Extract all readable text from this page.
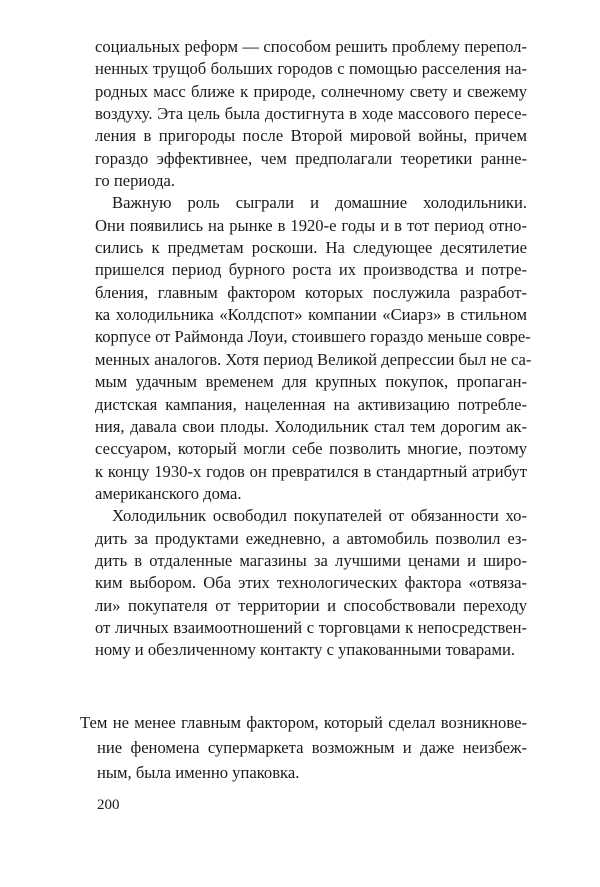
социальных реформ — способом решить проблему перепол-
ненных трущоб больших городов с помощью расселения на-
родных масс ближе к природе, солнечному свету и свежему
воздуху. Эта цель была достигнута в ходе массового пересе-
ления в пригороды после Второй мировой войны, причем
гораздо эффективнее, чем предполагали теоретики ранне-
го периода.
Важную роль сыграли и домашние холодильники.
Они появились на рынке в 1920-е годы и в тот период отно-
сились к предметам роскоши. На следующее десятилетие
пришелся период бурного роста их производства и потре-
бления, главным фактором которых послужила разработ-
ка холодильника «Колдспот» компании «Сиарз» в стильном
корпусе от Раймонда Лоуи, стоившего гораздо меньше совре-
менных аналогов. Хотя период Великой депрессии был не са-
мым удачным временем для крупных покупок, пропаган-
дистская кампания, нацеленная на активизацию потребле-
ния, давала свои плоды. Холодильник стал тем дорогим ак-
сессуаром, который могли себе позволить многие, поэтому
к концу 1930-х годов он превратился в стандартный атрибут
американского дома.
Холодильник освободил покупателей от обязанности хо-
дить за продуктами ежедневно, а автомобиль позволил ез-
дить в отдаленные магазины за лучшими ценами и широ-
ким выбором. Оба этих технологических фактора «отвяза-
ли» покупателя от территории и способствовали переходу
от личных взаимоотношений с торговцами к непосредствен-
ному и обезличенному контакту с упакованными товарами.
Тем не менее главным фактором, который сделал возникнове-
ние феномена супермаркета возможным и даже неизбеж-
ным, была именно упаковка.
200
